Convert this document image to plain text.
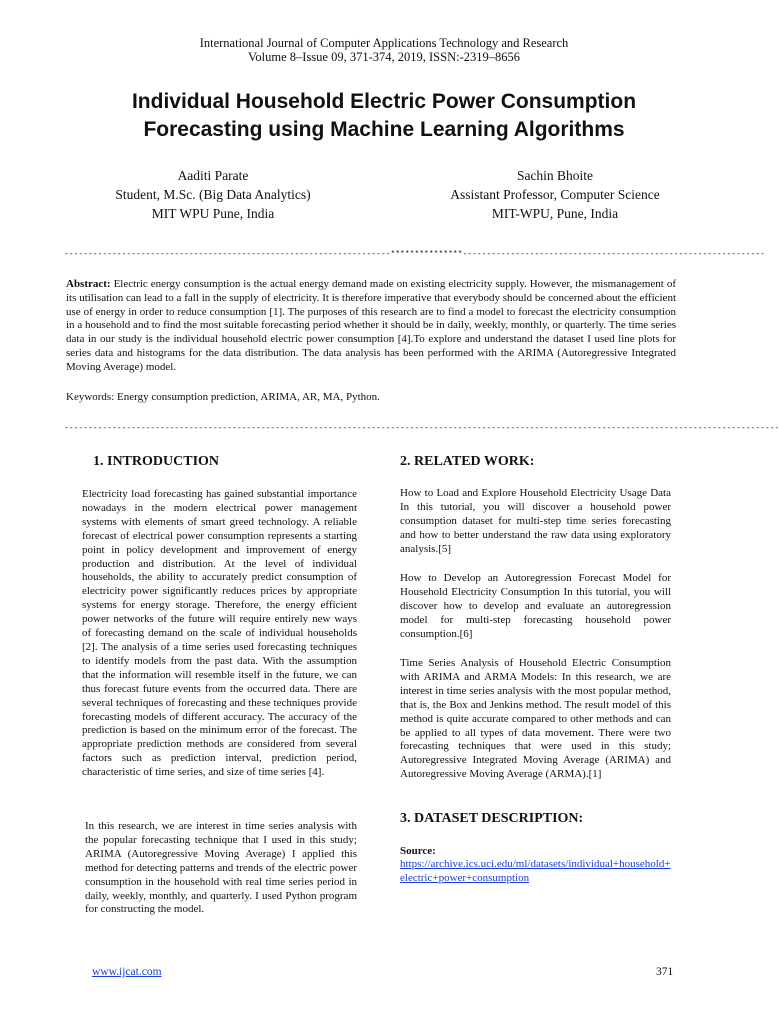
International Journal of Computer Applications Technology and Research
Volume 8–Issue 09, 371-374, 2019, ISSN:-2319–8656
Individual Household Electric Power Consumption
Forecasting using Machine Learning Algorithms
Aaditi Parate
Student, M.Sc. (Big Data Analytics)
MIT WPU Pune, India
Sachin Bhoite
Assistant Professor, Computer Science
MIT-WPU, Pune, India
--------------------------------------------------------------------***************---------------------------------------------------------------
Abstract: Electric energy consumption is the actual energy demand made on existing electricity supply. However, the mismanagement of its utilisation can lead to a fall in the supply of electricity. It is therefore imperative that everybody should be concerned about the efficient use of energy in order to reduce consumption [1]. The purposes of this research are to find a model to forecast the electricity consumption in a household and to find the most suitable forecasting period whether it should be in daily, weekly, monthly, or quarterly. The time series data in our study is the individual household electric power consumption [4].To explore and understand the dataset I used line plots for series data and histograms for the data distribution. The data analysis has been performed with the ARIMA (Autoregressive Integrated Moving Average) model.
Keywords: Energy consumption prediction, ARIMA, AR, MA, Python.
-----------------------------------------------------------------------------------------------------------------------------------------------------
1. INTRODUCTION
Electricity load forecasting has gained substantial importance nowadays in the modern electrical power management systems with elements of smart greed technology. A reliable forecast of electrical power consumption represents a starting point in policy development and improvement of energy production and distribution. At the level of individual households, the ability to accurately predict consumption of electricity power significantly reduces prices by appropriate systems for energy storage. Therefore, the energy efficient power networks of the future will require entirely new ways of forecasting demand on the scale of individual households [2]. The analysis of a time series used forecasting techniques to identify models from the past data. With the assumption that the information will resemble itself in the future, we can thus forecast future events from the occurred data. There are several techniques of forecasting and these techniques provide forecasting models of different accuracy. The accuracy of the prediction is based on the minimum error of the forecast. The appropriate prediction methods are considered from several factors such as prediction interval, prediction period, characteristic of time series, and size of time series [4].
In this research, we are interest in time series analysis with the popular forecasting technique that I used in this study; ARIMA (Autoregressive Moving Average) I applied this method for detecting patterns and trends of the electric power consumption in the household with real time series period in daily, weekly, monthly, and quarterly. I used Python program for constructing the model.
2. RELATED WORK:
How to Load and Explore Household Electricity Usage Data In this tutorial, you will discover a household power consumption dataset for multi-step time series forecasting and how to better understand the raw data using exploratory analysis.[5]
How to Develop an Autoregression Forecast Model for Household Electricity Consumption In this tutorial, you will discover how to develop and evaluate an autoregression model for multi-step forecasting household power consumption.[6]
Time Series Analysis of Household Electric Consumption with ARIMA and ARMA Models: In this research, we are interest in time series analysis with the most popular method, that is, the Box and Jenkins method. The result model of this method is quite accurate compared to other methods and can be applied to all types of data movement. There were two forecasting techniques that were used in this study; Autoregressive Integrated Moving Average (ARIMA) and Autoregressive Moving Average (ARMA).[1]
3. DATASET DESCRIPTION:
Source:
https://archive.ics.uci.edu/ml/datasets/individual+household+electric+power+consumption
www.ijcat.com	371
